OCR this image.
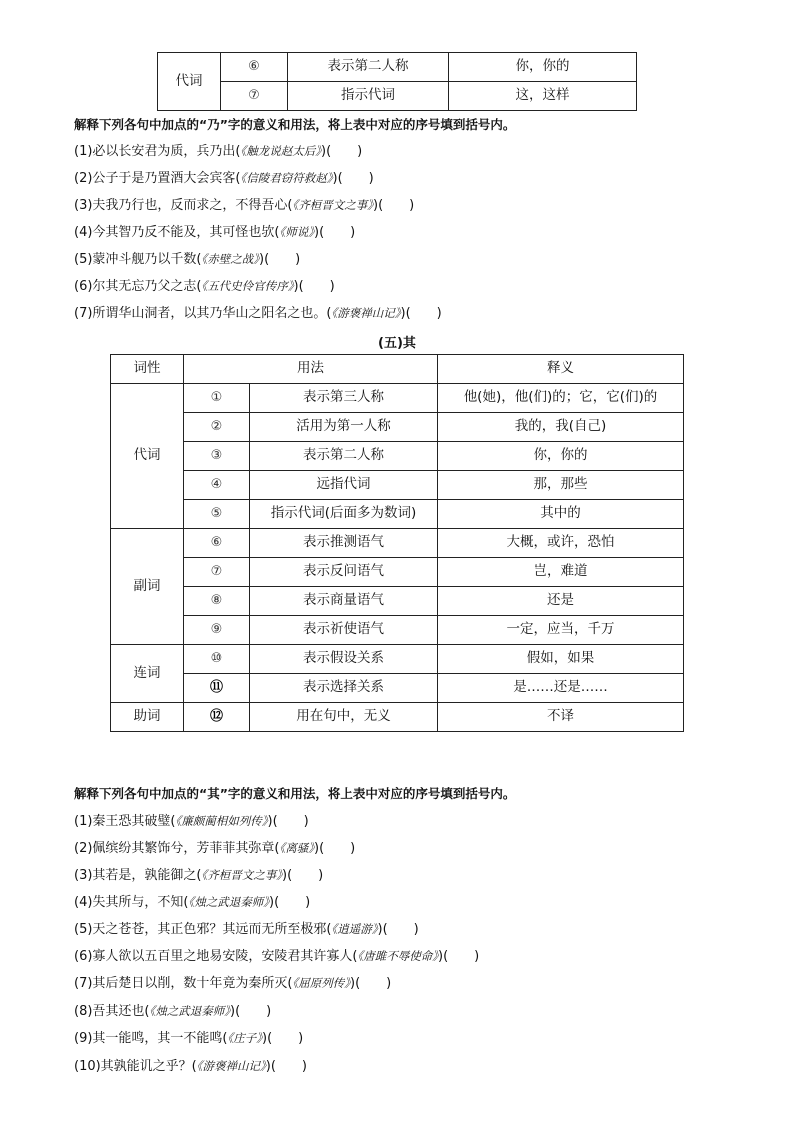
代词	⑥	表示第二人称	你，你的
	⑦	指示代词	这，这样
解释下列各句中加点的“乃”字的意义和用法，将上表中对应的序号填到括号内。
(1)必以长安君为质，兵乃出(《触龙说赵太后》)(　　)
(2)公子于是乃置酒大会宾客(《信陵君窃符救赵》)(　　)
(3)夫我乃行也，反而求之，不得吾心(《齐桓晋文之事》)(　　)
(4)今其智乃反不能及，其可怪也欤(《师说》)(　　)
(5)蒙冲斗舰乃以千数(《赤壁之战》)(　　)
(6)尔其无忘乃父之志(《五代史伶官传序》)(　　)
(7)所谓华山洞者，以其乃华山之阳名之也。(《游褒禅山记》)(　　)
(五)其
词性	用法		释义
代词	①	表示第三人称	他(她)，他(们)的；它，它(们)的
	②	活用为第一人称	我的，我(自己)
	③	表示第二人称	你，你的
	④	远指代词	那，那些
	⑤	指示代词(后面多为数词)	其中的
副词	⑥	表示推测语气	大概，或许，恐怕
	⑦	表示反问语气	岂，难道
	⑧	表示商量语气	还是
	⑨	表示祈使语气	一定，应当，千万
连词	⑩	表示假设关系	假如，如果
	⑪	表示选择关系	是……还是……
助词	⑫	用在句中，无义	不译
解释下列各句中加点的“其”字的意义和用法，将上表中对应的序号填到括号内。
(1)秦王恐其破璧(《廉颇蔺相如列传》)(　　)
(2)佩缤纷其繁饰兮，芳菲菲其弥章(《离骚》)(　　)
(3)其若是，孰能御之(《齐桓晋文之事》)(　　)
(4)失其所与，不知(《烛之武退秦师》)(　　)
(5)天之苍苍，其正色邪？其远而无所至极邪(《逍遥游》)(　　)
(6)寡人欲以五百里之地易安陵，安陵君其许寡人(《唐雎不辱使命》)(　　)
(7)其后楚日以削，数十年竟为秦所灭(《屈原列传》)(　　)
(8)吾其还也(《烛之武退秦师》)(　　)
(9)其一能鸣，其一不能鸣(《庄子》)(　　)
(10)其孰能讥之乎？(《游褒禅山记》)(　　)
